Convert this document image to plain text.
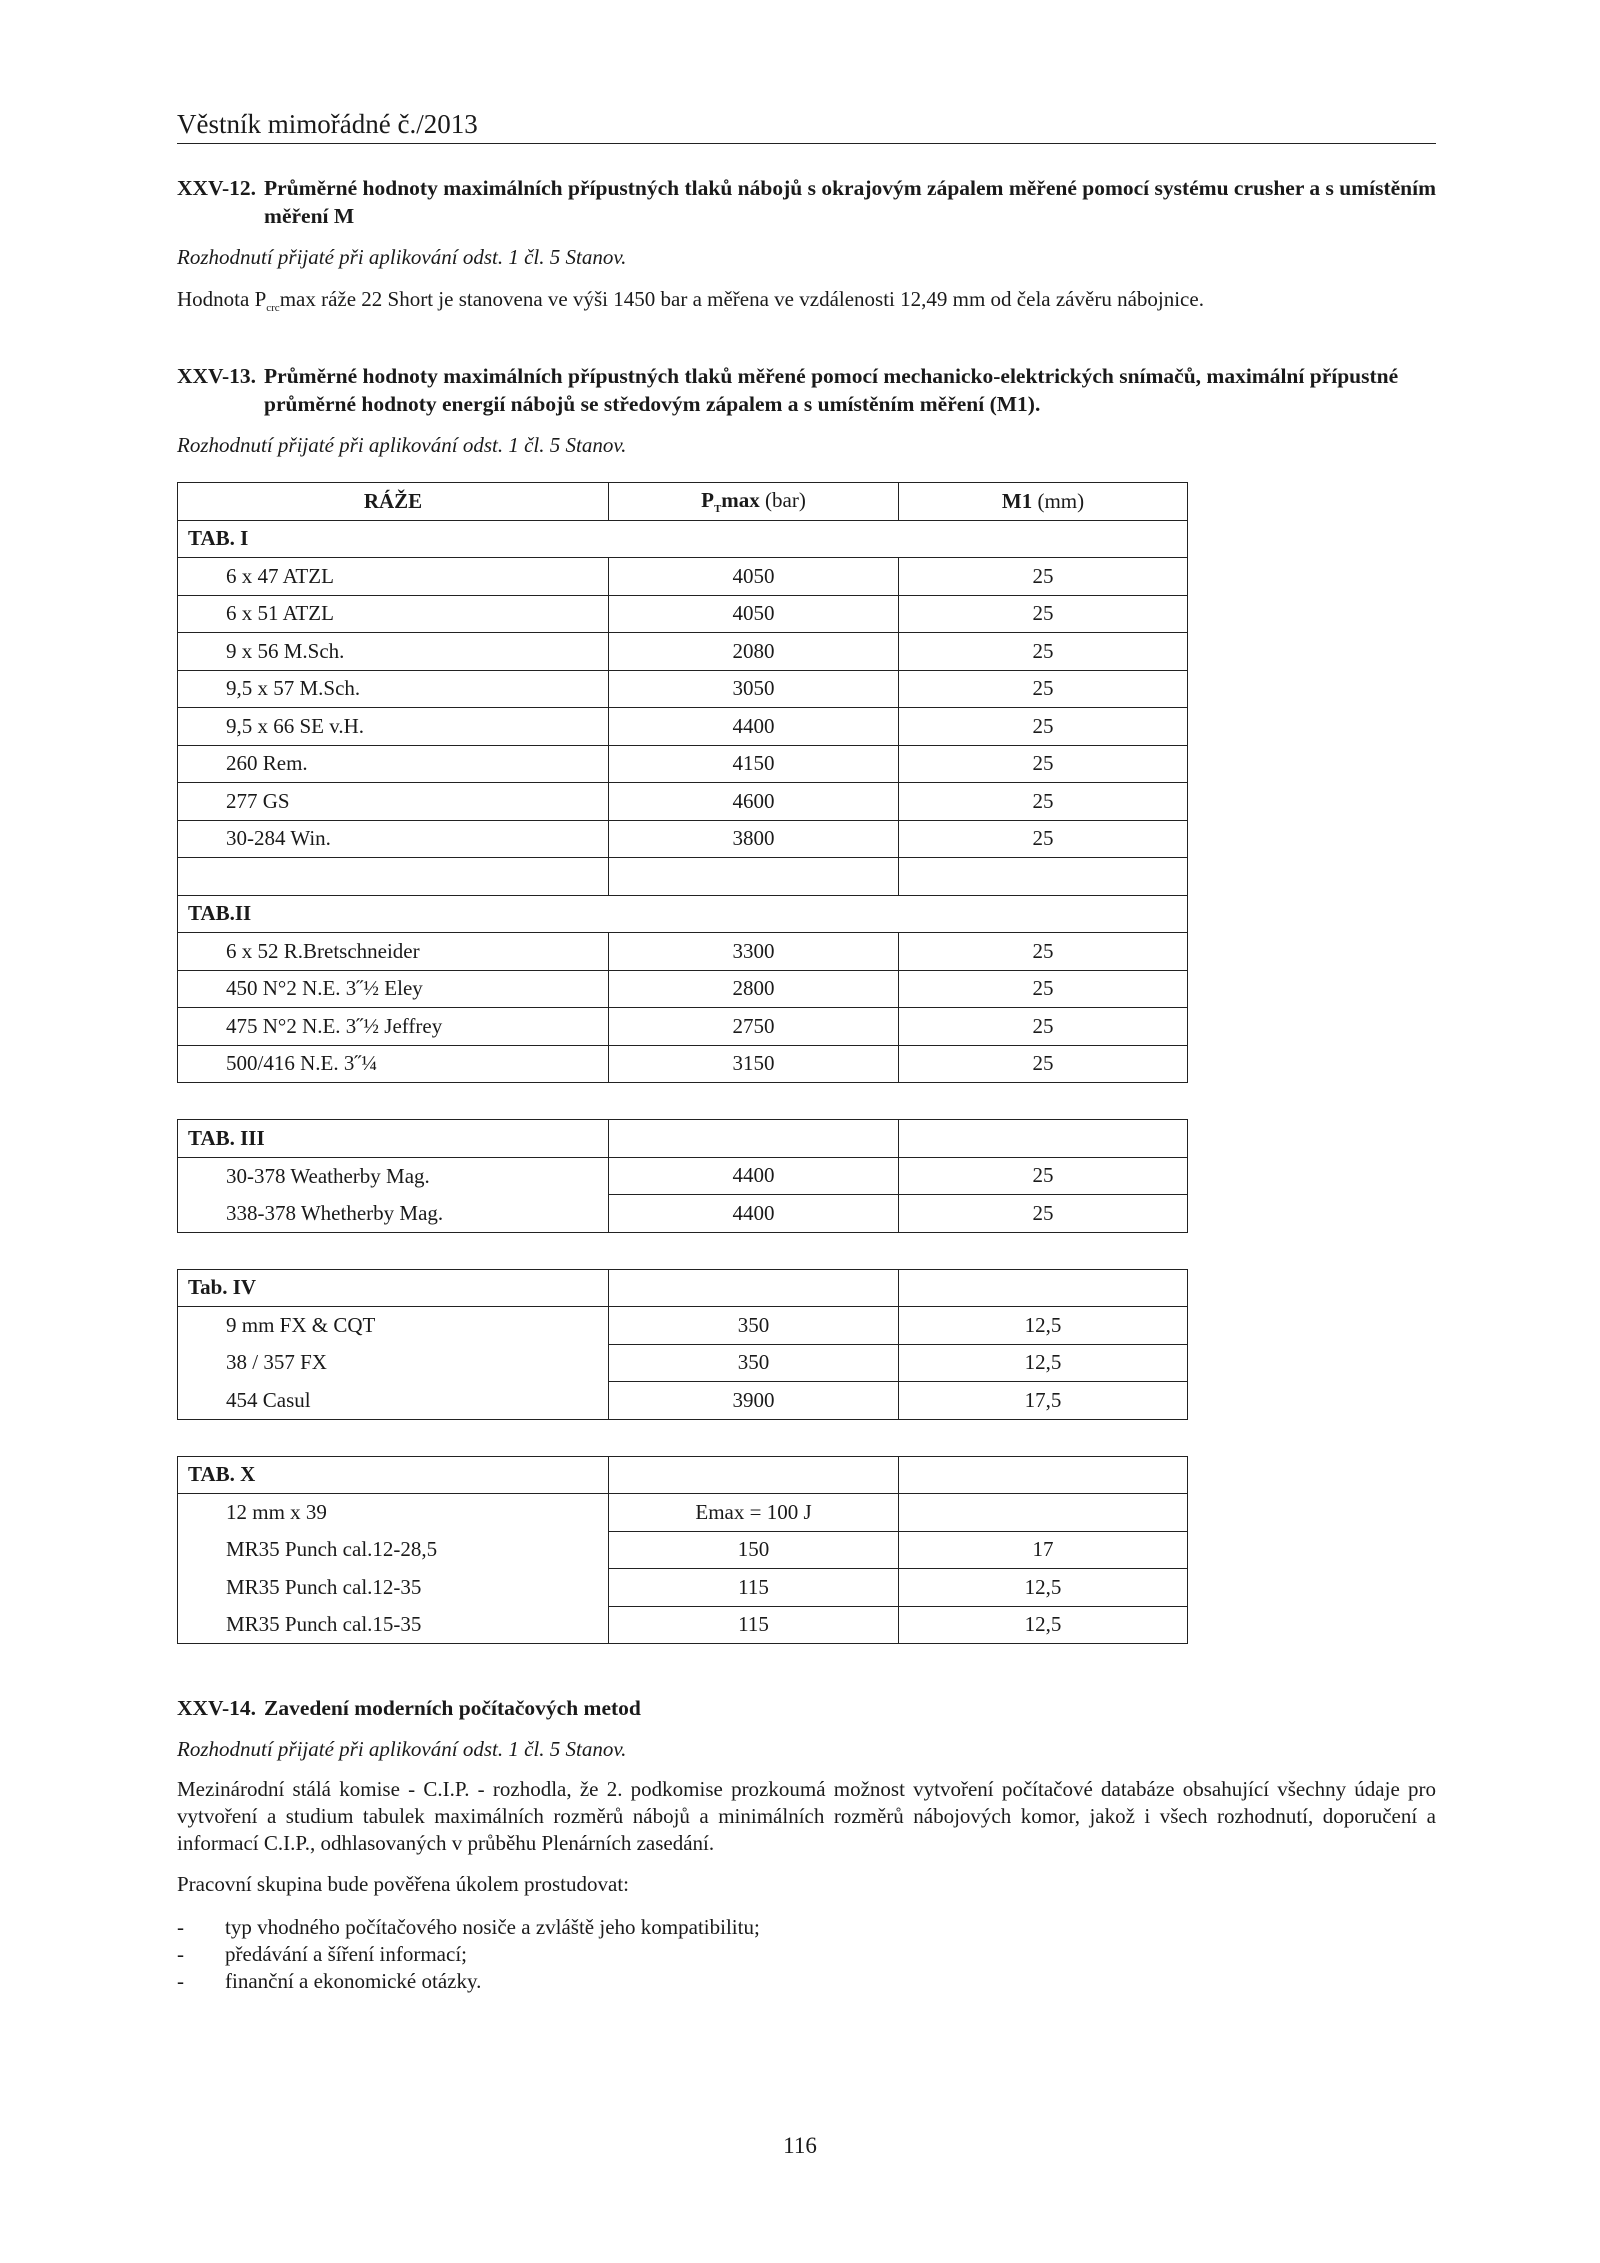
Věstník mimořádné č./2013
XXV-12. Průměrné hodnoty maximálních přípustných tlaků nábojů s okrajovým zápalem měřené pomocí systému crusher a s umístěním měření M
Rozhodnutí přijaté při aplikování odst. 1 čl. 5 Stanov.
Hodnota $P_{crc}\max$ ráže 22 Short je stanovena ve výši 1450 bar a měřena ve vzdálenosti 12,49 mm od čela závěru nábojnice.
XXV-13. Průměrné hodnoty maximálních přípustných tlaků měřené pomocí mechanicko-elektrických snímačů, maximální přípustné průměrné hodnoty energií nábojů se středovým zápalem a s umístěním měření (M1).
Rozhodnutí přijaté při aplikování odst. 1 čl. 5 Stanov.
RÁŽE	$P_T\max$ (bar)	M1 (mm)
TAB. I		
6 x 47 ATZL	4050	25
6 x 51 ATZL	4050	25
9 x 56 M.Sch.	2080	25
9,5 x 57 M.Sch.	3050	25
9,5 x 66 SE v.H.	4400	25
260 Rem.	4150	25
277 GS	4600	25
30-284 Win.	3800	25

TAB.II		
6 x 52 R.Bretschneider	3300	25
450 N°2 N.E. 3˝½ Eley	2800	25
475 N°2 N.E. 3˝½ Jeffrey	2750	25
500/416 N.E. 3˝¼	3150	25

TAB. III		
30-378 Weatherby Mag.	4400	25
338-378 Whetherby Mag.	4400	25

Tab. IV		
9 mm FX & CQT	350	12,5
38 / 357 FX	350	12,5
454 Casul	3900	17,5

TAB. X		
12 mm x 39	Emax = 100 J	
MR35 Punch cal.12-28,5	150	17
MR35 Punch cal.12-35	115	12,5
MR35 Punch cal.15-35	115	12,5
XXV-14. Zavedení moderních počítačových metod
Rozhodnutí přijaté při aplikování odst. 1 čl. 5 Stanov.
Mezinárodní stálá komise - C.I.P. - rozhodla, že 2. podkomise prozkoumá možnost vytvoření počítačové databáze obsahující všechny údaje pro vytvoření a studium tabulek maximálních rozměrů nábojů a minimálních rozměrů nábojových komor, jakož i všech rozhodnutí, doporučení a informací C.I.P., odhlasovaných v průběhu Plenárních zasedání.
Pracovní skupina bude pověřena úkolem prostudovat:
-	typ vhodného počítačového nosiče a zvláště jeho kompatibilitu;
-	předávání a šíření informací;
-	finanční a ekonomické otázky.
116
